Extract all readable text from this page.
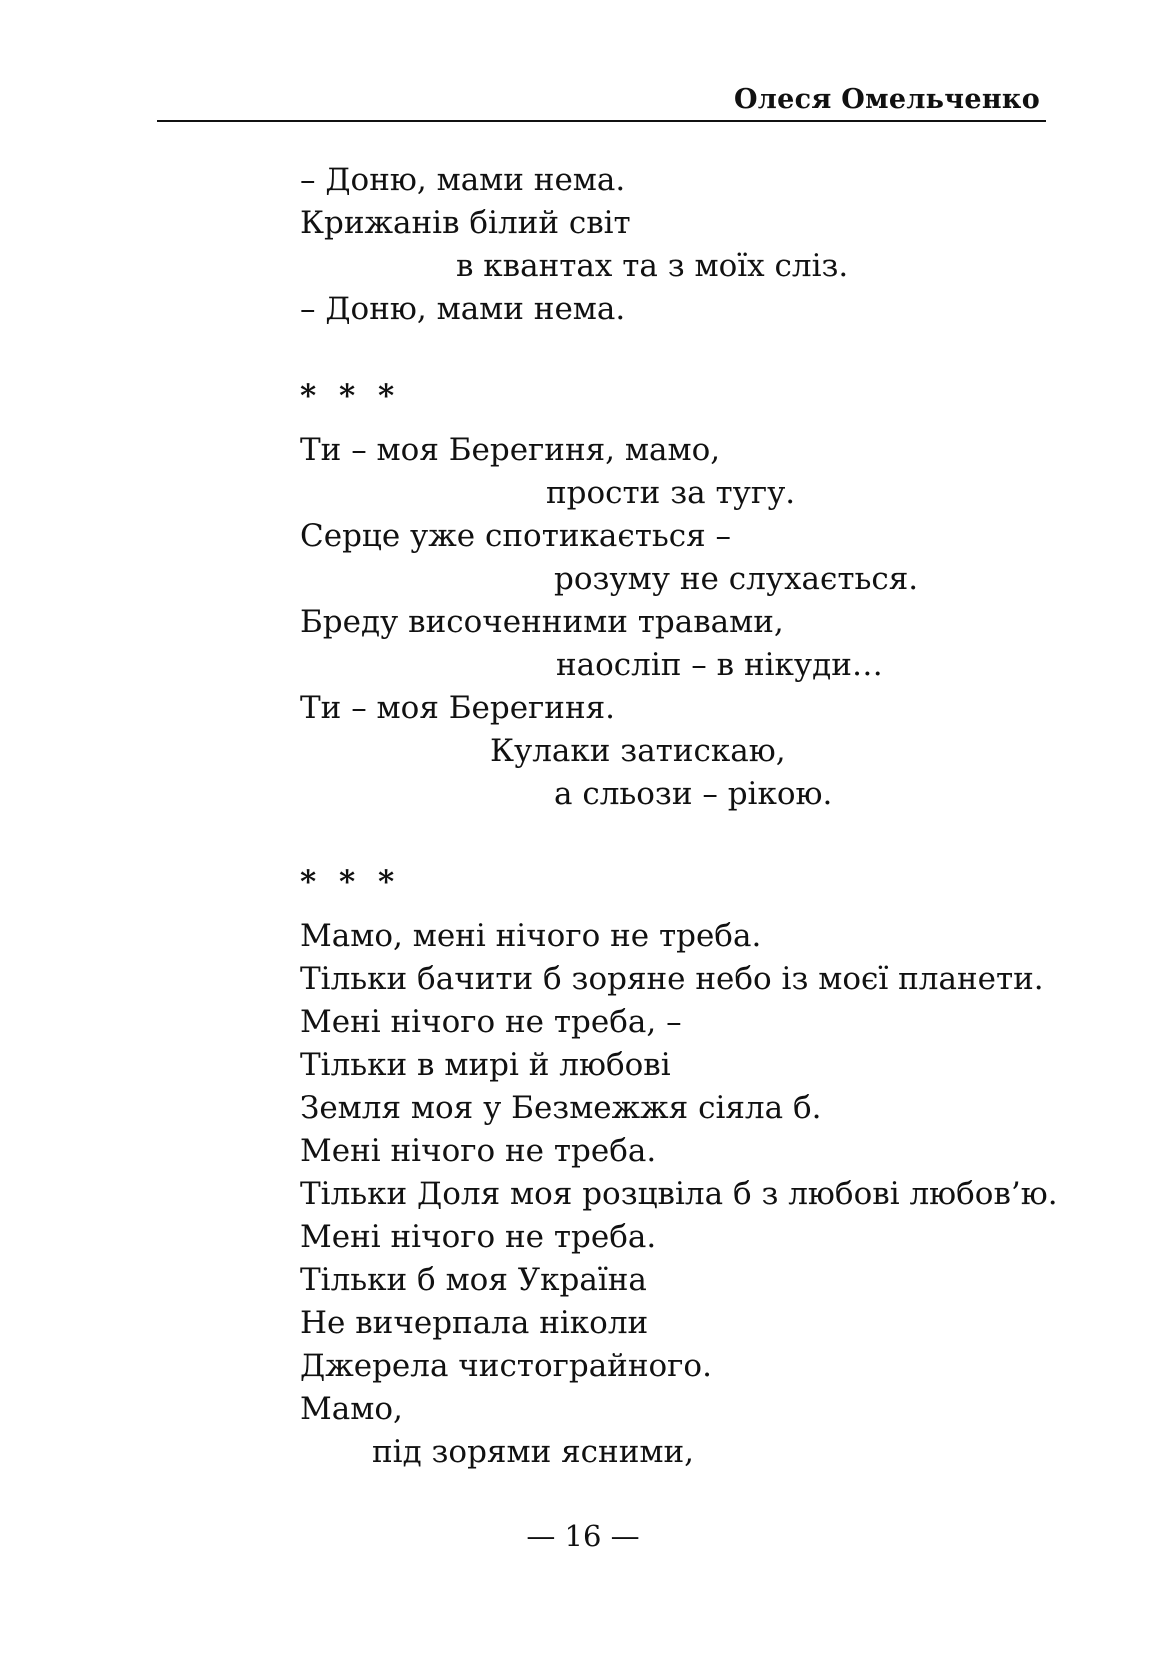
Олеся Омельченко
– Доню, мами нема.
Крижанів білий світ
в квантах та з моїх сліз.
– Доню, мами нема.
* * *
Ти – моя Берегиня, мамо,
прости за тугу.
Серце уже спотикається –
розуму не слухається.
Бреду височенними травами,
наосліп – в нікуди…
Ти – моя Берегиня.
Кулаки затискаю,
а сльози – рікою.
* * *
Мамо, мені нічого не треба.
Тільки бачити б зоряне небо із моєї планети.
Мені нічого не треба, –
Тільки в мирі й любові
Земля моя у Безмежжя сіяла б.
Мені нічого не треба.
Тільки Доля моя розцвіла б з любові любов’ю.
Мені нічого не треба.
Тільки б моя Україна
Не вичерпала ніколи
Джерела чистограйного.
Мамо,
під зорями ясними,
— 16 —
